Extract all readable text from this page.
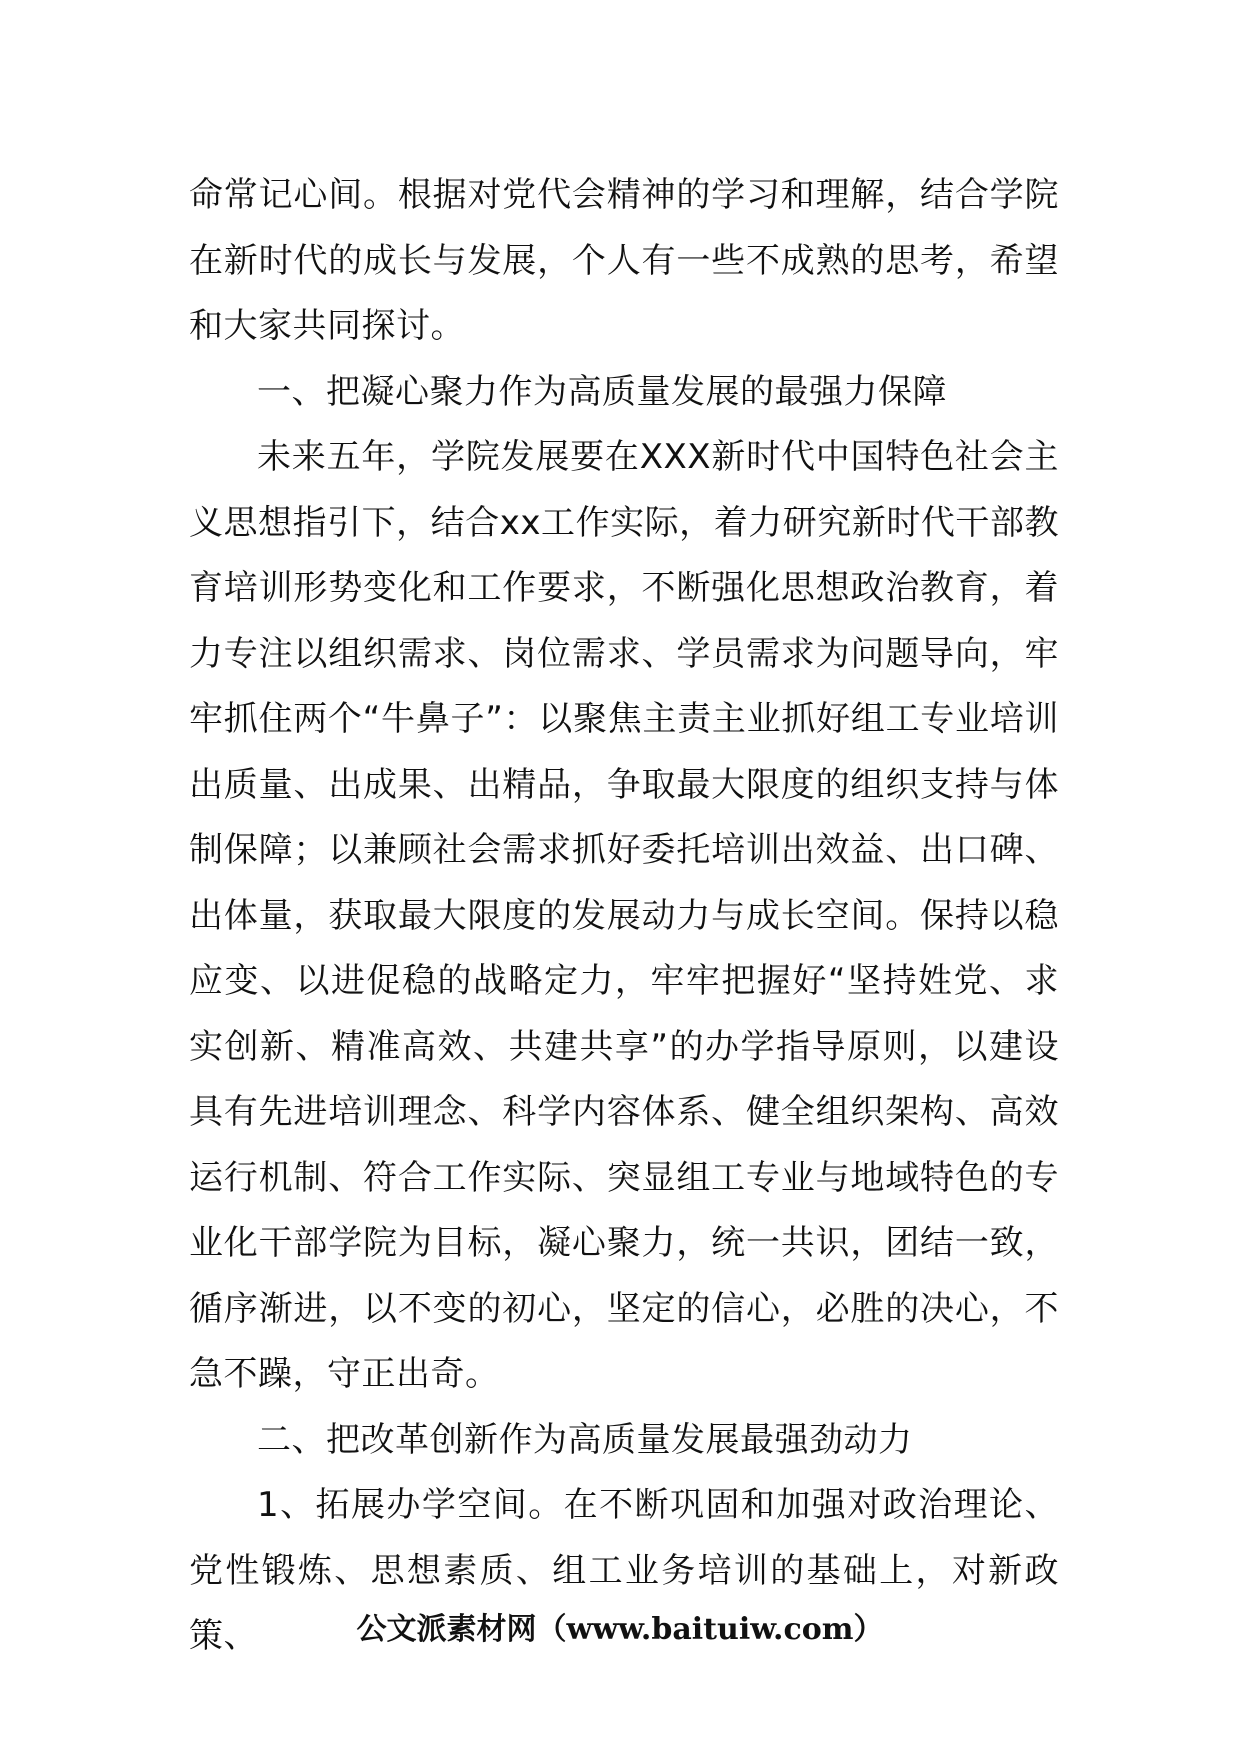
命常记心间。根据对党代会精神的学习和理解，结合学院在新时代的成长与发展，个人有一些不成熟的思考，希望和大家共同探讨。

一、把凝心聚力作为高质量发展的最强力保障

未来五年，学院发展要在XXX新时代中国特色社会主义思想指引下，结合xx工作实际，着力研究新时代干部教育培训形势变化和工作要求，不断强化思想政治教育，着力专注以组织需求、岗位需求、学员需求为问题导向，牢牢抓住两个“牛鼻子”：以聚焦主责主业抓好组工专业培训出质量、出成果、出精品，争取最大限度的组织支持与体制保障；以兼顾社会需求抓好委托培训出效益、出口碑、出体量，获取最大限度的发展动力与成长空间。保持以稳应变、以进促稳的战略定力，牢牢把握好“坚持姓党、求实创新、精准高效、共建共享”的办学指导原则，以建设具有先进培训理念、科学内容体系、健全组织架构、高效运行机制、符合工作实际、突显组工专业与地域特色的专业化干部学院为目标，凝心聚力，统一共识，团结一致，循序渐进，以不变的初心，坚定的信心，必胜的决心，不急不躁，守正出奇。

二、把改革创新作为高质量发展最强劲动力

1、拓展办学空间。在不断巩固和加强对政治理论、党性锻炼、思想素质、组工业务培训的基础上，对新政策、	公文派素材网（www.baituiw.com）
